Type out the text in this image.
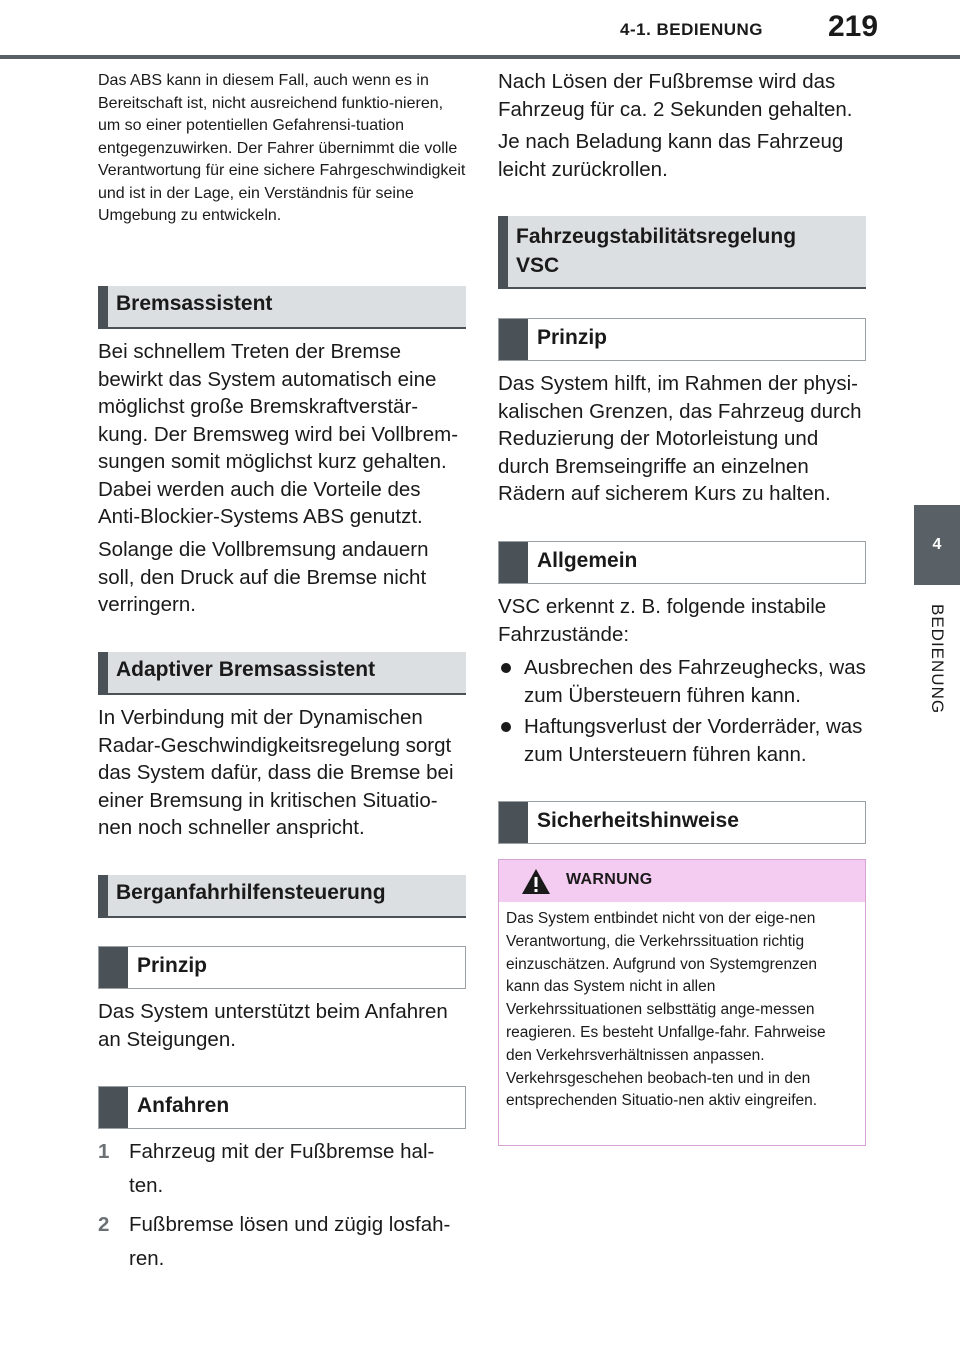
4-1. BEDIENUNG 219
4
BEDIENUNG

Das ABS kann in diesem Fall, auch wenn es in Bereitschaft ist, nicht ausreichend funktio-nieren, um so einer potentiellen Gefahrensi-tuation entgegenzuwirken. Der Fahrer übernimmt die volle Verantwortung für eine sichere Fahrgeschwindigkeit und ist in der Lage, ein Verständnis für seine Umgebung zu entwickeln.

Bremsassistent

Bei schnellem Treten der Bremse bewirkt das System automatisch eine möglichst große Bremskraftverstär-kung. Der Bremsweg wird bei Vollbrem-sungen somit möglichst kurz gehalten. Dabei werden auch die Vorteile des Anti-Blockier-Systems ABS genutzt.

Solange die Vollbremsung andauern soll, den Druck auf die Bremse nicht verringern.

Adaptiver Bremsassistent

In Verbindung mit der Dynamischen Radar-Geschwindigkeitsregelung sorgt das System dafür, dass die Bremse bei einer Bremsung in kritischen Situatio-nen noch schneller anspricht.

Berganfahrhilfensteuerung
Prinzip

Das System unterstützt beim Anfahren an Steigungen.

Anfahren
1 Fahrzeug mit der Fußbremse hal-
ten.
2 Fußbremse lösen und zügig losfah-
ren.

Nach Lösen der Fußbremse wird das Fahrzeug für ca. 2 Sekunden gehalten.

Je nach Beladung kann das Fahrzeug leicht zurückrollen.

Fahrzeugstabilitätsregelung
VSC
Prinzip

Das System hilft, im Rahmen der physi-kalischen Grenzen, das Fahrzeug durch Reduzierung der Motorleistung und durch Bremseingriffe an einzelnen Rädern auf sicherem Kurs zu halten.

Allgemein

VSC erkennt z. B. folgende instabile Fahrzustände:

Ausbrechen des Fahrzeughecks, was zum Übersteuern führen kann.
Haftungsverlust der Vorderräder, was zum Untersteuern führen kann.
Sicherheitshinweise
WARNUNG
Das System entbindet nicht von der eige-nen Verantwortung, die Verkehrssituation richtig einzuschätzen. Aufgrund von Systemgrenzen kann das System nicht in allen Verkehrssituationen selbsttätig ange-messen reagieren. Es besteht Unfallge-fahr. Fahrweise den Verkehrsverhältnissen anpassen. Verkehrsgeschehen beobach-ten und in den entsprechenden Situatio-nen aktiv eingreifen.
